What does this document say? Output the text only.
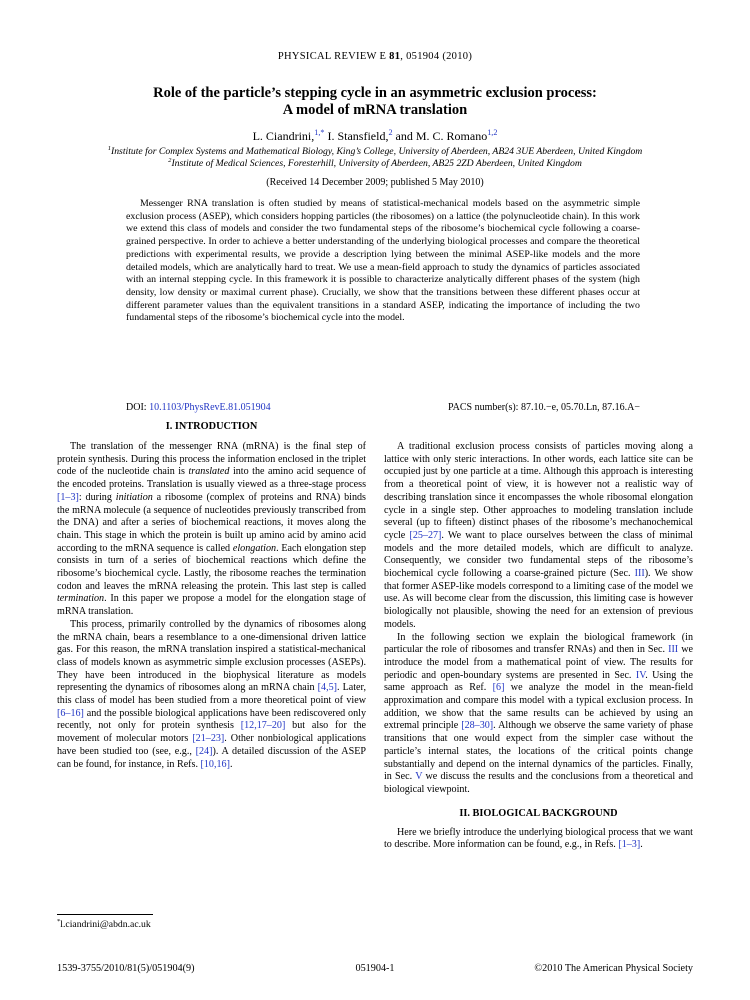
PHYSICAL REVIEW E 81, 051904 (2010)
Role of the particle’s stepping cycle in an asymmetric exclusion process:
A model of mRNA translation
L. Ciandrini,$^{1,*}$ I. Stansfield,$^2$ and M. C. Romano$^{1,2}$
$^1$Institute for Complex Systems and Mathematical Biology, King’s College, University of Aberdeen, AB24 3UE Aberdeen, United Kingdom
$^2$Institute of Medical Sciences, Foresterhill, University of Aberdeen, AB25 2ZD Aberdeen, United Kingdom
(Received 14 December 2009; published 5 May 2010)
Messenger RNA translation is often studied by means of statistical-mechanical models based on the asymmetric simple exclusion process (ASEP), which considers hopping particles (the ribosomes) on a lattice (the polynucleotide chain). In this work we extend this class of models and consider the two fundamental steps of the ribosome’s biochemical cycle following a coarse-grained perspective. In order to achieve a better understanding of the underlying biological processes and compare the theoretical predictions with experimental results, we provide a description lying between the minimal ASEP-like models and the more detailed models, which are analytically hard to treat. We use a mean-field approach to study the dynamics of particles associated with an internal stepping cycle. In this framework it is possible to characterize analytically different phases of the system (high density, low density or maximal current phase). Crucially, we show that the transitions between these different phases occur at different parameter values than the equivalent transitions in a standard ASEP, indicating the importance of including the two fundamental steps of the ribosome’s biochemical cycle into the model.
DOI: 10.1103/PhysRevE.81.051904	PACS number(s): 87.10.−e, 05.70.Ln, 87.16.A−
I. INTRODUCTION

The translation of the messenger RNA (mRNA) is the final step of protein synthesis. During this process the information enclosed in the triplet code of the nucleotide chain is translated into the amino acid sequence of the encoded proteins. Translation is usually viewed as a three-stage process [1–3]: during initiation a ribosome (complex of proteins and RNA) binds the mRNA molecule (a sequence of nucleotides previously transcribed from the DNA) and after a series of biochemical reactions, it moves along the chain. This stage in which the protein is built up amino acid by amino acid according to the mRNA sequence is called elongation. Each elongation step consists in turn of a series of biochemical reactions which define the ribosome’s biochemical cycle. Lastly, the ribosome reaches the termination codon and leaves the mRNA releasing the protein. This last step is called termination. In this paper we propose a model for the elongation stage of mRNA translation.

This process, primarily controlled by the dynamics of ribosomes along the mRNA chain, bears a resemblance to a one-dimensional driven lattice gas. For this reason, the mRNA translation inspired a statistical-mechanical class of models known as asymmetric simple exclusion processes (ASEPs). They have been introduced in the biophysical literature as models representing the dynamics of ribosomes along an mRNA chain [4,5]. Later, this class of model has been studied from a more theoretical point of view [6–16] and the possible biological applications have been rediscovered only recently, not only for protein synthesis [12,17–20] but also for the movement of molecular motors [21–23]. Other nonbiological applications have been studied too (see, e.g., [24]). A detailed discussion of the ASEP can be found, for instance, in Refs. [10,16].

A traditional exclusion process consists of particles moving along a lattice with only steric interactions. In other words, each lattice site can be occupied just by one particle at a time. Although this approach is interesting from a theoretical point of view, it is however not a realistic way of describing translation since it encompasses the whole ribosomal elongation cycle in a single step. Other approaches to modeling translation include several (up to fifteen) distinct phases of the ribosome’s mechanochemical cycle [25–27]. We want to place ourselves between the class of minimal models and the more detailed models, which are difficult to analyze. Consequently, we consider two fundamental steps of the ribosome’s biochemical cycle following a coarse-grained picture (Sec. III). We show that former ASEP-like models correspond to a limiting case of the model we use. As will become clear from the discussion, this limiting case is however biologically not plausible, showing the need for an extension of previous models.

In the following section we explain the biological framework (in particular the role of ribosomes and transfer RNAs) and then in Sec. III we introduce the model from a mathematical point of view. The results for periodic and open-boundary systems are presented in Sec. IV. Using the same approach as Ref. [6] we analyze the model in the mean-field approximation and compare this model with a typical exclusion process. In addition, we show that the same results can be achieved by using an extremal principle [28–30]. Although we observe the same variety of phase transitions that one would expect from the simpler case without the particle’s internal states, the locations of the critical points change substantially and depend on the internal dynamics of the particles. Finally, in Sec. V we discuss the results and the conclusions from a theoretical and biological viewpoint.

II. BIOLOGICAL BACKGROUND

Here we briefly introduce the underlying biological process that we want to describe. More information can be found, e.g., in Refs. [1–3].

*l.ciandrini@abdn.ac.uk
1539-3755/2010/81(5)/051904(9)	051904-1	©2010 The American Physical Society
